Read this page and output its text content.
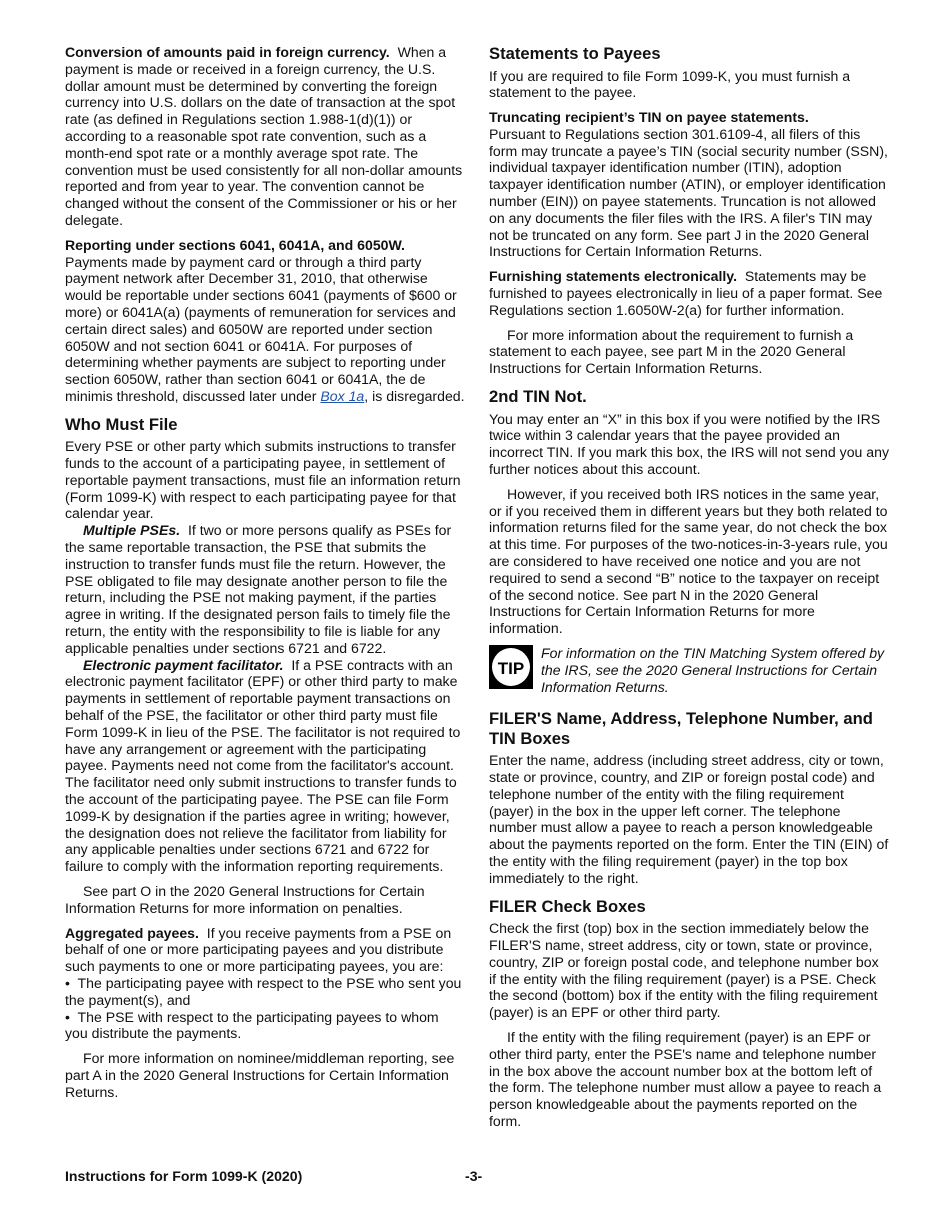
Conversion of amounts paid in foreign currency. When a payment is made or received in a foreign currency, the U.S. dollar amount must be determined by converting the foreign currency into U.S. dollars on the date of transaction at the spot rate (as defined in Regulations section 1.988-1(d)(1)) or according to a reasonable spot rate convention, such as a month-end spot rate or a monthly average spot rate. The convention must be used consistently for all non-dollar amounts reported and from year to year. The convention cannot be changed without the consent of the Commissioner or his or her delegate.

Reporting under sections 6041, 6041A, and 6050W.
Payments made by payment card or through a third party payment network after December 31, 2010, that otherwise would be reportable under sections 6041 (payments of $600 or more) or 6041A(a) (payments of remuneration for services and certain direct sales) and 6050W are reported under section 6050W and not section 6041 or 6041A. For purposes of determining whether payments are subject to reporting under section 6050W, rather than section 6041 or 6041A, the de minimis threshold, discussed later under Box 1a, is disregarded.

Who Must File

Every PSE or other party which submits instructions to transfer funds to the account of a participating payee, in settlement of reportable payment transactions, must file an information return (Form 1099-K) with respect to each participating payee for that calendar year.

Multiple PSEs. If two or more persons qualify as PSEs for the same reportable transaction, the PSE that submits the instruction to transfer funds must file the return. However, the PSE obligated to file may designate another person to file the return, including the PSE not making payment, if the parties agree in writing. If the designated person fails to timely file the return, the entity with the responsibility to file is liable for any applicable penalties under sections 6721 and 6722.

Electronic payment facilitator. If a PSE contracts with an electronic payment facilitator (EPF) or other third party to make payments in settlement of reportable payment transactions on behalf of the PSE, the facilitator or other third party must file Form 1099-K in lieu of the PSE. The facilitator is not required to have any arrangement or agreement with the participating payee. Payments need not come from the facilitator's account. The facilitator need only submit instructions to transfer funds to the account of the participating payee. The PSE can file Form 1099-K by designation if the parties agree in writing; however, the designation does not relieve the facilitator from liability for any applicable penalties under sections 6721 and 6722 for failure to comply with the information reporting requirements.

See part O in the 2020 General Instructions for Certain Information Returns for more information on penalties.

Aggregated payees. If you receive payments from a PSE on behalf of one or more participating payees and you distribute such payments to one or more participating payees, you are:

• The participating payee with respect to the PSE who sent you the payment(s), and

• The PSE with respect to the participating payees to whom you distribute the payments.

For more information on nominee/middleman reporting, see part A in the 2020 General Instructions for Certain Information Returns.

Statements to Payees

If you are required to file Form 1099-K, you must furnish a statement to the payee.

Truncating recipient’s TIN on payee statements.
Pursuant to Regulations section 301.6109-4, all filers of this form may truncate a payee’s TIN (social security number (SSN), individual taxpayer identification number (ITIN), adoption taxpayer identification number (ATIN), or employer identification number (EIN)) on payee statements. Truncation is not allowed on any documents the filer files with the IRS. A filer's TIN may not be truncated on any form. See part J in the 2020 General Instructions for Certain Information Returns.

Furnishing statements electronically. Statements may be furnished to payees electronically in lieu of a paper format. See Regulations section 1.6050W-2(a) for further information.

For more information about the requirement to furnish a statement to each payee, see part M in the 2020 General Instructions for Certain Information Returns.

2nd TIN Not.

You may enter an “X” in this box if you were notified by the IRS twice within 3 calendar years that the payee provided an incorrect TIN. If you mark this box, the IRS will not send you any further notices about this account.

However, if you received both IRS notices in the same year, or if you received them in different years but they both related to information returns filed for the same year, do not check the box at this time. For purposes of the two-notices-in-3-years rule, you are considered to have received one notice and you are not required to send a second “B” notice to the taxpayer on receipt of the second notice. See part N in the 2020 General Instructions for Certain Information Returns for more information.

TIP
For information on the TIN Matching System offered by the IRS, see the 2020 General Instructions for Certain Information Returns.
FILER'S Name, Address, Telephone Number, and TIN Boxes

Enter the name, address (including street address, city or town, state or province, country, and ZIP or foreign postal code) and telephone number of the entity with the filing requirement (payer) in the box in the upper left corner. The telephone number must allow a payee to reach a person knowledgeable about the payments reported on the form. Enter the TIN (EIN) of the entity with the filing requirement (payer) in the top box immediately to the right.

FILER Check Boxes

Check the first (top) box in the section immediately below the FILER'S name, street address, city or town, state or province, country, ZIP or foreign postal code, and telephone number box if the entity with the filing requirement (payer) is a PSE. Check the second (bottom) box if the entity with the filing requirement (payer) is an EPF or other third party.

If the entity with the filing requirement (payer) is an EPF or other third party, enter the PSE's name and telephone number in the box above the account number box at the bottom left of the form. The telephone number must allow a payee to reach a person knowledgeable about the payments reported on the form.

Instructions for Form 1099-K (2020)	-3-
